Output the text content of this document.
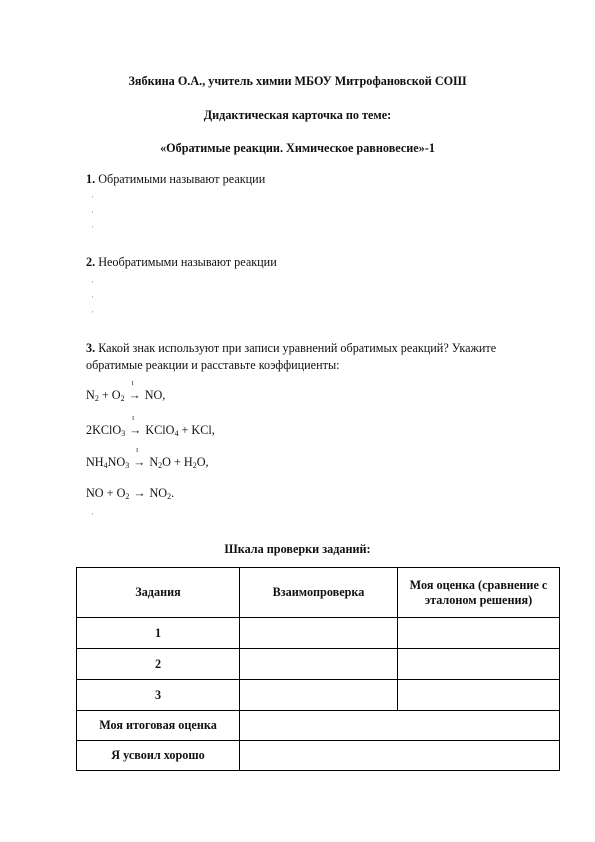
Зябкина О.А., учитель химии МБОУ Митрофановской СОШ
Дидактическая карточка по теме:
«Обратимые реакции. Химическое равновесие»-1
1. Обратимыми называют реакции
'
'
'
2. Необратимыми называют реакции
'
'
'
3. Какой знак используют при записи уравнений обратимых реакций? Укажите
обратимые реакции и расставьте коэффициенты:
$N_2 + O_2$ →
t
NO,
2KClO$_3$ →
t
KClO$_4$ + KCl,
$NH_4NO_3$ →
t
$N_2O + H_2O$,
NO + $O_2 \to NO_2$.
'
Шкала проверки заданий:
Задания	Взаимопроверка	Моя оценка (сравнение с эталоном решения)
1		
2		
3		
Моя итоговая оценка		
Я усвоил хорошо		
